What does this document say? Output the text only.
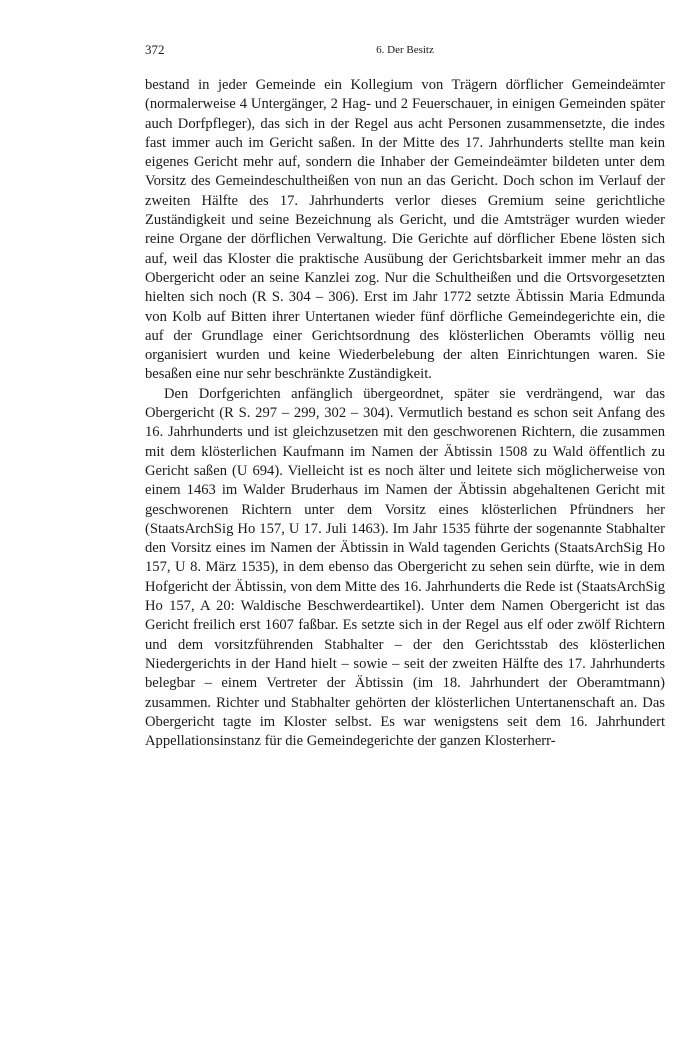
372	6. Der Besitz

bestand in jeder Gemeinde ein Kollegium von Trägern dörflicher Gemeindeämter (normalerweise 4 Untergänger, 2 Hag- und 2 Feuerschauer, in einigen Gemeinden später auch Dorfpfleger), das sich in der Regel aus acht Personen zusammensetzte, die indes fast immer auch im Gericht saßen. In der Mitte des 17. Jahrhunderts stellte man kein eigenes Gericht mehr auf, sondern die Inhaber der Gemeindeämter bildeten unter dem Vorsitz des Gemeindeschultheißen von nun an das Gericht. Doch schon im Verlauf der zweiten Hälfte des 17. Jahrhunderts verlor dieses Gremium seine gerichtliche Zuständigkeit und seine Bezeichnung als Gericht, und die Amtsträger wurden wieder reine Organe der dörflichen Verwaltung. Die Gerichte auf dörflicher Ebene lösten sich auf, weil das Kloster die praktische Ausübung der Gerichtsbarkeit immer mehr an das Obergericht oder an seine Kanzlei zog. Nur die Schultheißen und die Ortsvorgesetzten hielten sich noch (R S. 304 – 306). Erst im Jahr 1772 setzte Äbtissin Maria Edmunda von Kolb auf Bitten ihrer Untertanen wieder fünf dörfliche Gemeindegerichte ein, die auf der Grundlage einer Gerichtsordnung des klösterlichen Oberamts völlig neu organisiert wurden und keine Wiederbelebung der alten Einrichtungen waren. Sie besaßen eine nur sehr beschränkte Zuständigkeit.

Den Dorfgerichten anfänglich übergeordnet, später sie verdrängend, war das Obergericht (R S. 297 – 299, 302 – 304). Vermutlich bestand es schon seit Anfang des 16. Jahrhunderts und ist gleichzusetzen mit den geschworenen Richtern, die zusammen mit dem klösterlichen Kaufmann im Namen der Äbtissin 1508 zu Wald öffentlich zu Gericht saßen (U 694). Vielleicht ist es noch älter und leitete sich möglicherweise von einem 1463 im Walder Bruderhaus im Namen der Äbtissin abgehaltenen Gericht mit geschworenen Richtern unter dem Vorsitz eines klösterlichen Pfründners her (StaatsArchSig Ho 157, U 17. Juli 1463). Im Jahr 1535 führte der sogenannte Stabhalter den Vorsitz eines im Namen der Äbtissin in Wald tagenden Gerichts (StaatsArchSig Ho 157, U 8. März 1535), in dem ebenso das Obergericht zu sehen sein dürfte, wie in dem Hofgericht der Äbtissin, von dem Mitte des 16. Jahrhunderts die Rede ist (StaatsArchSig Ho 157, A 20: Waldische Beschwerdeartikel). Unter dem Namen Obergericht ist das Gericht freilich erst 1607 faßbar. Es setzte sich in der Regel aus elf oder zwölf Richtern und dem vorsitzführenden Stabhalter – der den Gerichtsstab des klösterlichen Niedergerichts in der Hand hielt – sowie – seit der zweiten Hälfte des 17. Jahrhunderts belegbar – einem Vertreter der Äbtissin (im 18. Jahrhundert der Oberamtmann) zusammen. Richter und Stabhalter gehörten der klösterlichen Untertanenschaft an. Das Obergericht tagte im Kloster selbst. Es war wenigstens seit dem 16. Jahrhundert Appellationsinstanz für die Gemeindegerichte der ganzen Klosterherr-
